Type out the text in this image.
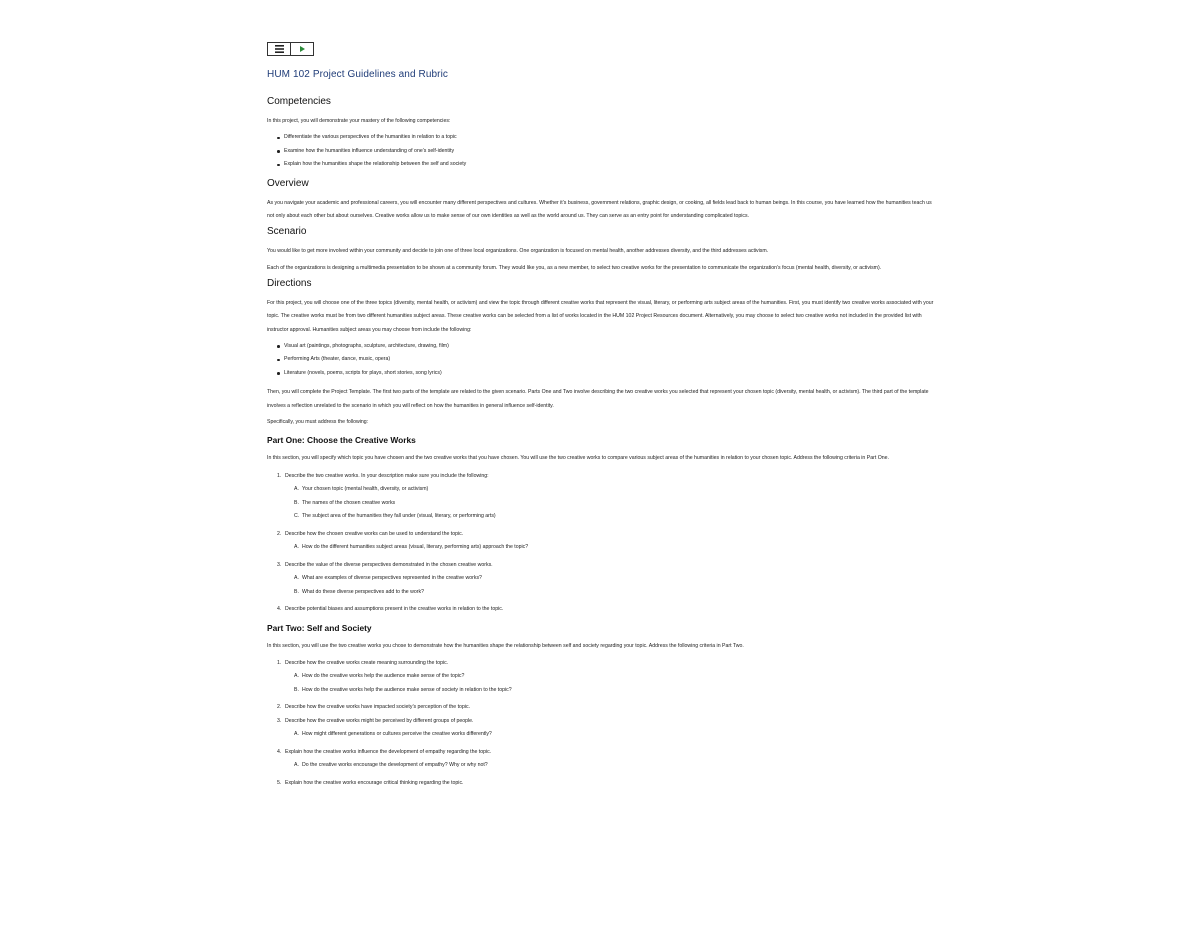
HUM 102 Project Guidelines and Rubric
Competencies

In this project, you will demonstrate your mastery of the following competencies:

Differentiate the various perspectives of the humanities in relation to a topic
Examine how the humanities influence understanding of one’s self-identity
Explain how the humanities shape the relationship between the self and society
Overview

As you navigate your academic and professional careers, you will encounter many different perspectives and cultures. Whether it’s business, government relations, graphic design, or cooking, all fields lead back to human beings. In this course, you have learned how the humanities teach us not only about each other but about ourselves. Creative works allow us to make sense of our own identities as well as the world around us. They can serve as an entry point for understanding complicated topics.

Scenario

You would like to get more involved within your community and decide to join one of three local organizations. One organization is focused on mental health, another addresses diversity, and the third addresses activism.

Each of the organizations is designing a multimedia presentation to be shown at a community forum. They would like you, as a new member, to select two creative works for the presentation to communicate the organization’s focus (mental health, diversity, or activism).

Directions

For this project, you will choose one of the three topics (diversity, mental health, or activism) and view the topic through different creative works that represent the visual, literary, or performing arts subject areas of the humanities. First, you must identify two creative works associated with your topic. The creative works must be from two different humanities subject areas. These creative works can be selected from a list of works located in the HUM 102 Project Resources document. Alternatively, you may choose to select two creative works not included in the provided list with instructor approval. Humanities subject areas you may choose from include the following:

Visual art (paintings, photographs, sculpture, architecture, drawing, film)
Performing Arts (theater, dance, music, opera)
Literature (novels, poems, scripts for plays, short stories, song lyrics)

Then, you will complete the Project Template. The first two parts of the template are related to the given scenario. Parts One and Two involve describing the two creative works you selected that represent your chosen topic (diversity, mental health, or activism). The third part of the template involves a reflection unrelated to the scenario in which you will reflect on how the humanities in general influence self-identity.

Specifically, you must address the following:

Part One: Choose the Creative Works

In this section, you will specify which topic you have chosen and the two creative works that you have chosen. You will use the two creative works to compare various subject areas of the humanities in relation to your chosen topic. Address the following criteria in Part One.

1. Describe the two creative works. In your description make sure you include the following:
A. Your chosen topic (mental health, diversity, or activism)
B. The names of the chosen creative works
C. The subject area of the humanities they fall under (visual, literary, or performing arts)
2. Describe how the chosen creative works can be used to understand the topic.
A. How do the different humanities subject areas (visual, literary, performing arts) approach the topic?
3. Describe the value of the diverse perspectives demonstrated in the chosen creative works.
A. What are examples of diverse perspectives represented in the creative works?
B. What do these diverse perspectives add to the work?
4. Describe potential biases and assumptions present in the creative works in relation to the topic.
Part Two: Self and Society

In this section, you will use the two creative works you chose to demonstrate how the humanities shape the relationship between self and society regarding your topic. Address the following criteria in Part Two.

1. Describe how the creative works create meaning surrounding the topic.
A. How do the creative works help the audience make sense of the topic?
B. How do the creative works help the audience make sense of society in relation to the topic?
2. Describe how the creative works have impacted society’s perception of the topic.
3. Describe how the creative works might be perceived by different groups of people.
A. How might different generations or cultures perceive the creative works differently?
4. Explain how the creative works influence the development of empathy regarding the topic.
A. Do the creative works encourage the development of empathy? Why or why not?
5. Explain how the creative works encourage critical thinking regarding the topic.
